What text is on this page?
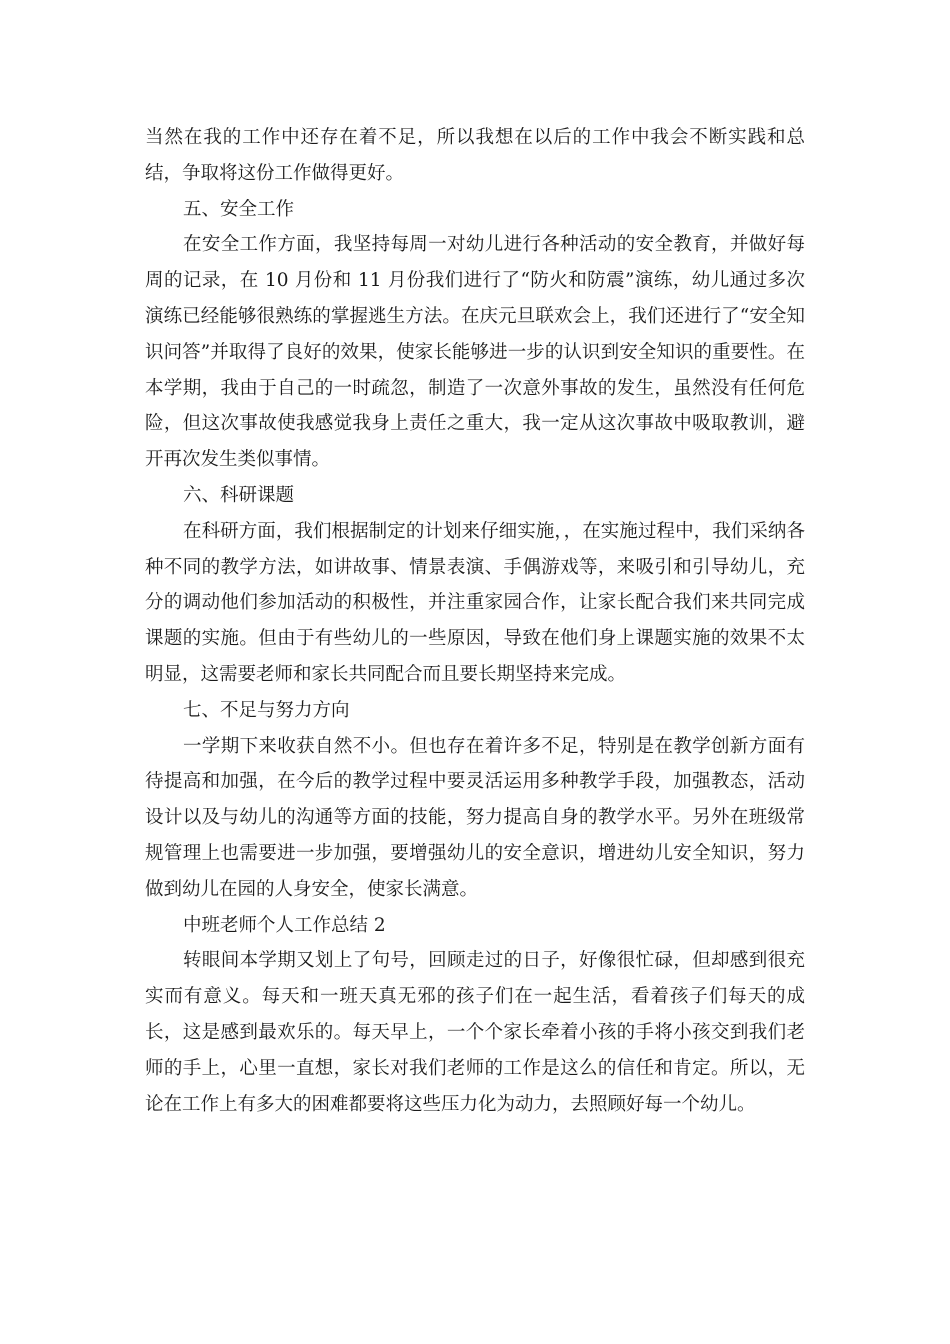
当然在我的工作中还存在着不足，所以我想在以后的工作中我会不断实践和总结，争取将这份工作做得更好。

五、安全工作

在安全工作方面，我坚持每周一对幼儿进行各种活动的安全教育，并做好每周的记录，在 10 月份和 11 月份我们进行了“防火和防震”演练，幼儿通过多次演练已经能够很熟练的掌握逃生方法。在庆元旦联欢会上，我们还进行了“安全知识问答”并取得了良好的效果，使家长能够进一步的认识到安全知识的重要性。在本学期，我由于自己的一时疏忽，制造了一次意外事故的发生，虽然没有任何危险，但这次事故使我感觉我身上责任之重大，我一定从这次事故中吸取教训，避开再次发生类似事情。

六、科研课题

在科研方面，我们根据制定的计划来仔细实施，，在实施过程中，我们采纳各种不同的教学方法，如讲故事、情景表演、手偶游戏等，来吸引和引导幼儿，充分的调动他们参加活动的积极性，并注重家园合作，让家长配合我们来共同完成课题的实施。但由于有些幼儿的一些原因，导致在他们身上课题实施的效果不太明显，这需要老师和家长共同配合而且要长期坚持来完成。

七、不足与努力方向

一学期下来收获自然不小。但也存在着许多不足，特别是在教学创新方面有待提高和加强，在今后的教学过程中要灵活运用多种教学手段，加强教态，活动设计以及与幼儿的沟通等方面的技能，努力提高自身的教学水平。另外在班级常规管理上也需要进一步加强，要增强幼儿的安全意识，增进幼儿安全知识，努力做到幼儿在园的人身安全，使家长满意。

中班老师个人工作总结 2

转眼间本学期又划上了句号，回顾走过的日子，好像很忙碌，但却感到很充实而有意义。每天和一班天真无邪的孩子们在一起生活，看着孩子们每天的成长，这是感到最欢乐的。每天早上，一个个家长牵着小孩的手将小孩交到我们老师的手上，心里一直想，家长对我们老师的工作是这么的信任和肯定。所以，无论在工作上有多大的困难都要将这些压力化为动力，去照顾好每一个幼儿。
